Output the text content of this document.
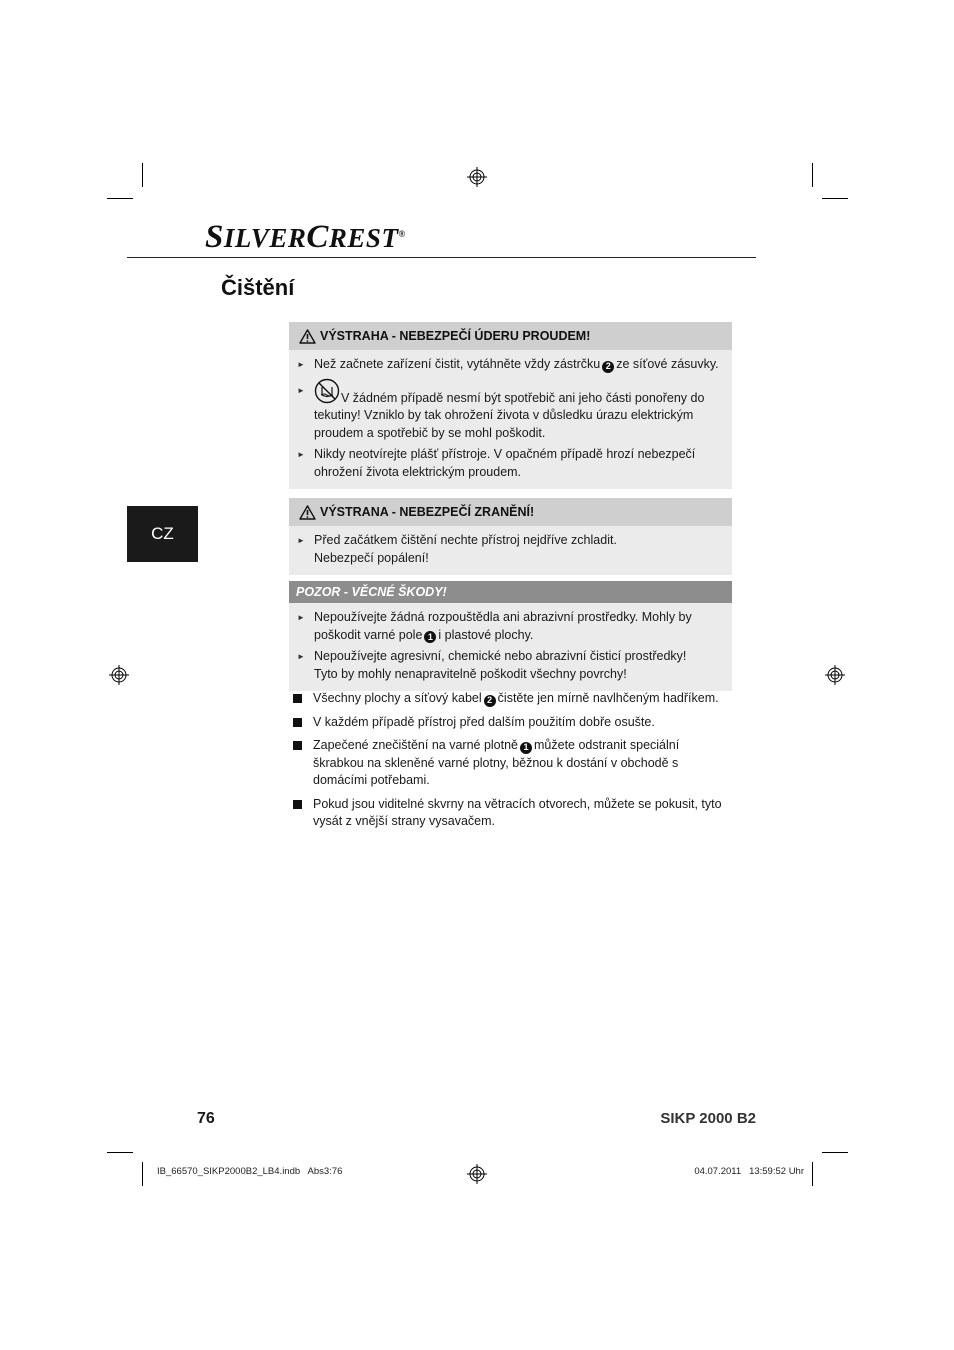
SILVERCREST®
Čištění
CZ
VÝSTRAHA - NEBEZPEČÍ ÚDERU PROUDEM!
► Než začnete zařízení čistit, vytáhněte vždy zástrčku 2 ze síťové zásuvky.
►
V žádném případě nesmí být spotřebič ani jeho části ponořeny do tekutiny! Vzniklo by tak ohrožení života v důsledku úrazu elektrickým proudem a spotřebič by se mohl poškodit.
► Nikdy neotvírejte plášť přístroje. V opačném případě hrozí nebezpečí ohrožení života elektrickým proudem.
VÝSTRANA - NEBEZPEČÍ ZRANĚNÍ!
► Před začátkem čištění nechte přístroj nejdříve zchladit.
Nebezpečí popálení!
POZOR - VĚCNÉ ŠKODY!
► Nepoužívejte žádná rozpouštědla ani abrazivní prostředky. Mohly by poškodit varné pole 1 i plastové plochy.
► Nepoužívejte agresivní, chemické nebo abrazivní čisticí prostředky!
Tyto by mohly nenapravitelně poškodit všechny povrchy!
Všechny plochy a síťový kabel 2 čistěte jen mírně navlhčeným hadříkem.
V každém případě přístroj před dalším použitím dobře osušte.
Zapečené znečištění na varné plotně 1 můžete odstranit speciální škrabkou na skleněné varné plotny, běžnou k dostání v obchodě s domácími potřebami.
Pokud jsou viditelné skvrny na větracích otvorech, můžete se pokusit, tyto vysát z vnější strany vysavačem.
76	SIKP 2000 B2
IB_66570_SIKP2000B2_LB4.indb   Abs3:76	04.07.2011   13:59:52 Uhr
